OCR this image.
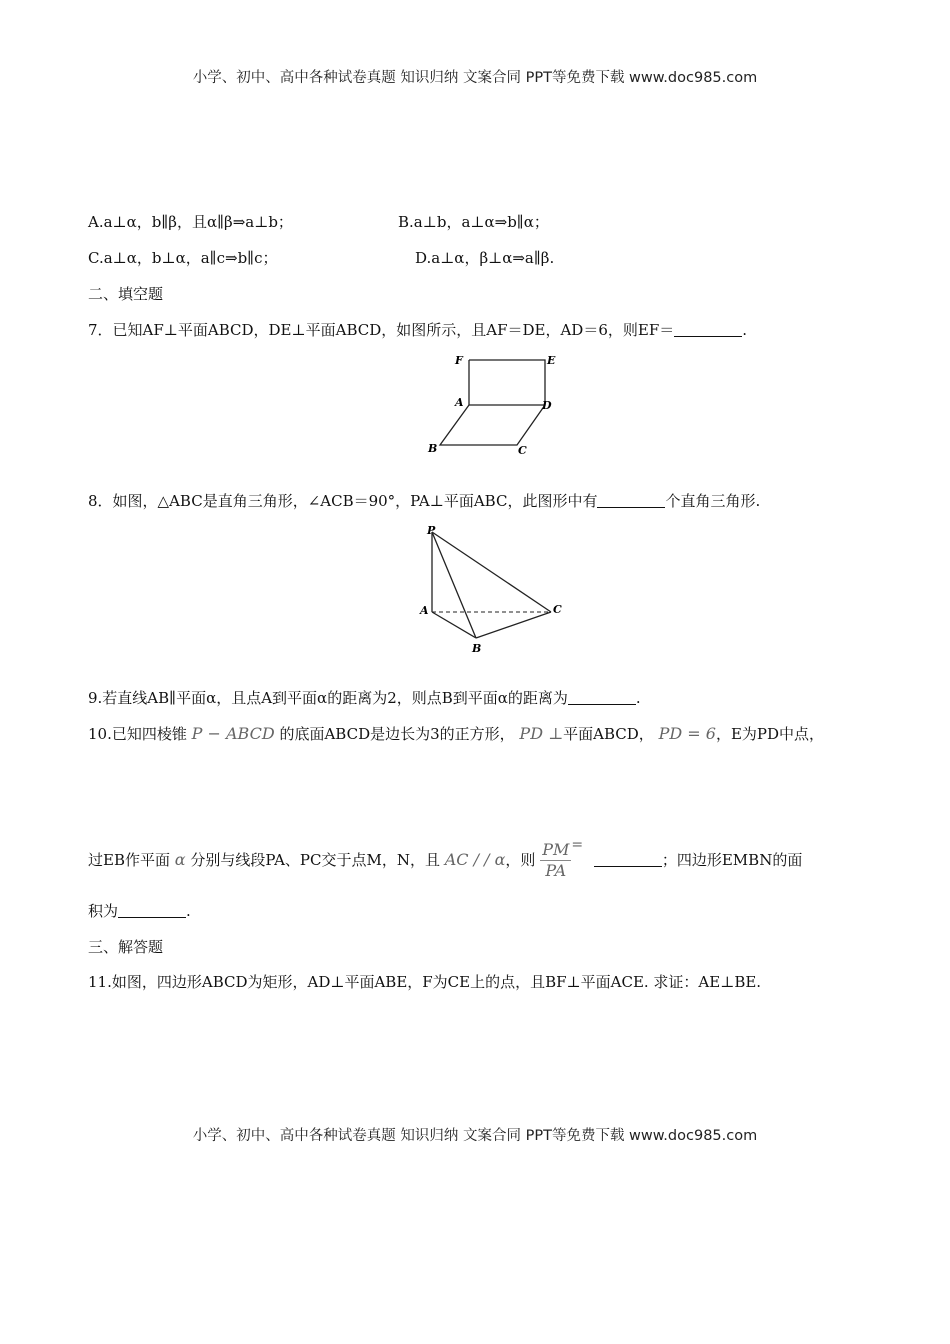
小学、初中、高中各种试卷真题 知识归纳 文案合同 PPT等免费下载 www.doc985.com
A.a⊥α，b∥β，且α∥β⇒a⊥b；	B.a⊥b，a⊥α⇒b∥α；
C.a⊥α，b⊥α，a∥c⇒b∥c；	D.a⊥α，β⊥α⇒a∥β.
二、填空题
7．已知AF⊥平面ABCD，DE⊥平面ABCD，如图所示，且AF＝DE，AD＝6，则EF＝	.
F	E
A	D
B	C
8．如图，△ABC是直角三角形，∠ACB＝90°，PA⊥平面ABC，此图形中有	个直角三角形.
P
A
B
C
9.若直线AB∥平面α，且点A到平面α的距离为2，则点B到平面α的距离为	.
10.已知四棱锥 P − ABCD 的底面ABCD是边长为3的正方形， PD ⊥平面ABCD， PD = 6，E为PD中点，
过EB作平面 α 分别与线段PA、PC交于点M，N，且 AC / / α，则 $\frac{PM}{PA}$ = ；四边形EMBN的面
积为	.
三、解答题
11.如图，四边形ABCD为矩形，AD⊥平面ABE，F为CE上的点，且BF⊥平面ACE. 求证：AE⊥BE.
小学、初中、高中各种试卷真题 知识归纳 文案合同 PPT等免费下载 www.doc985.com
